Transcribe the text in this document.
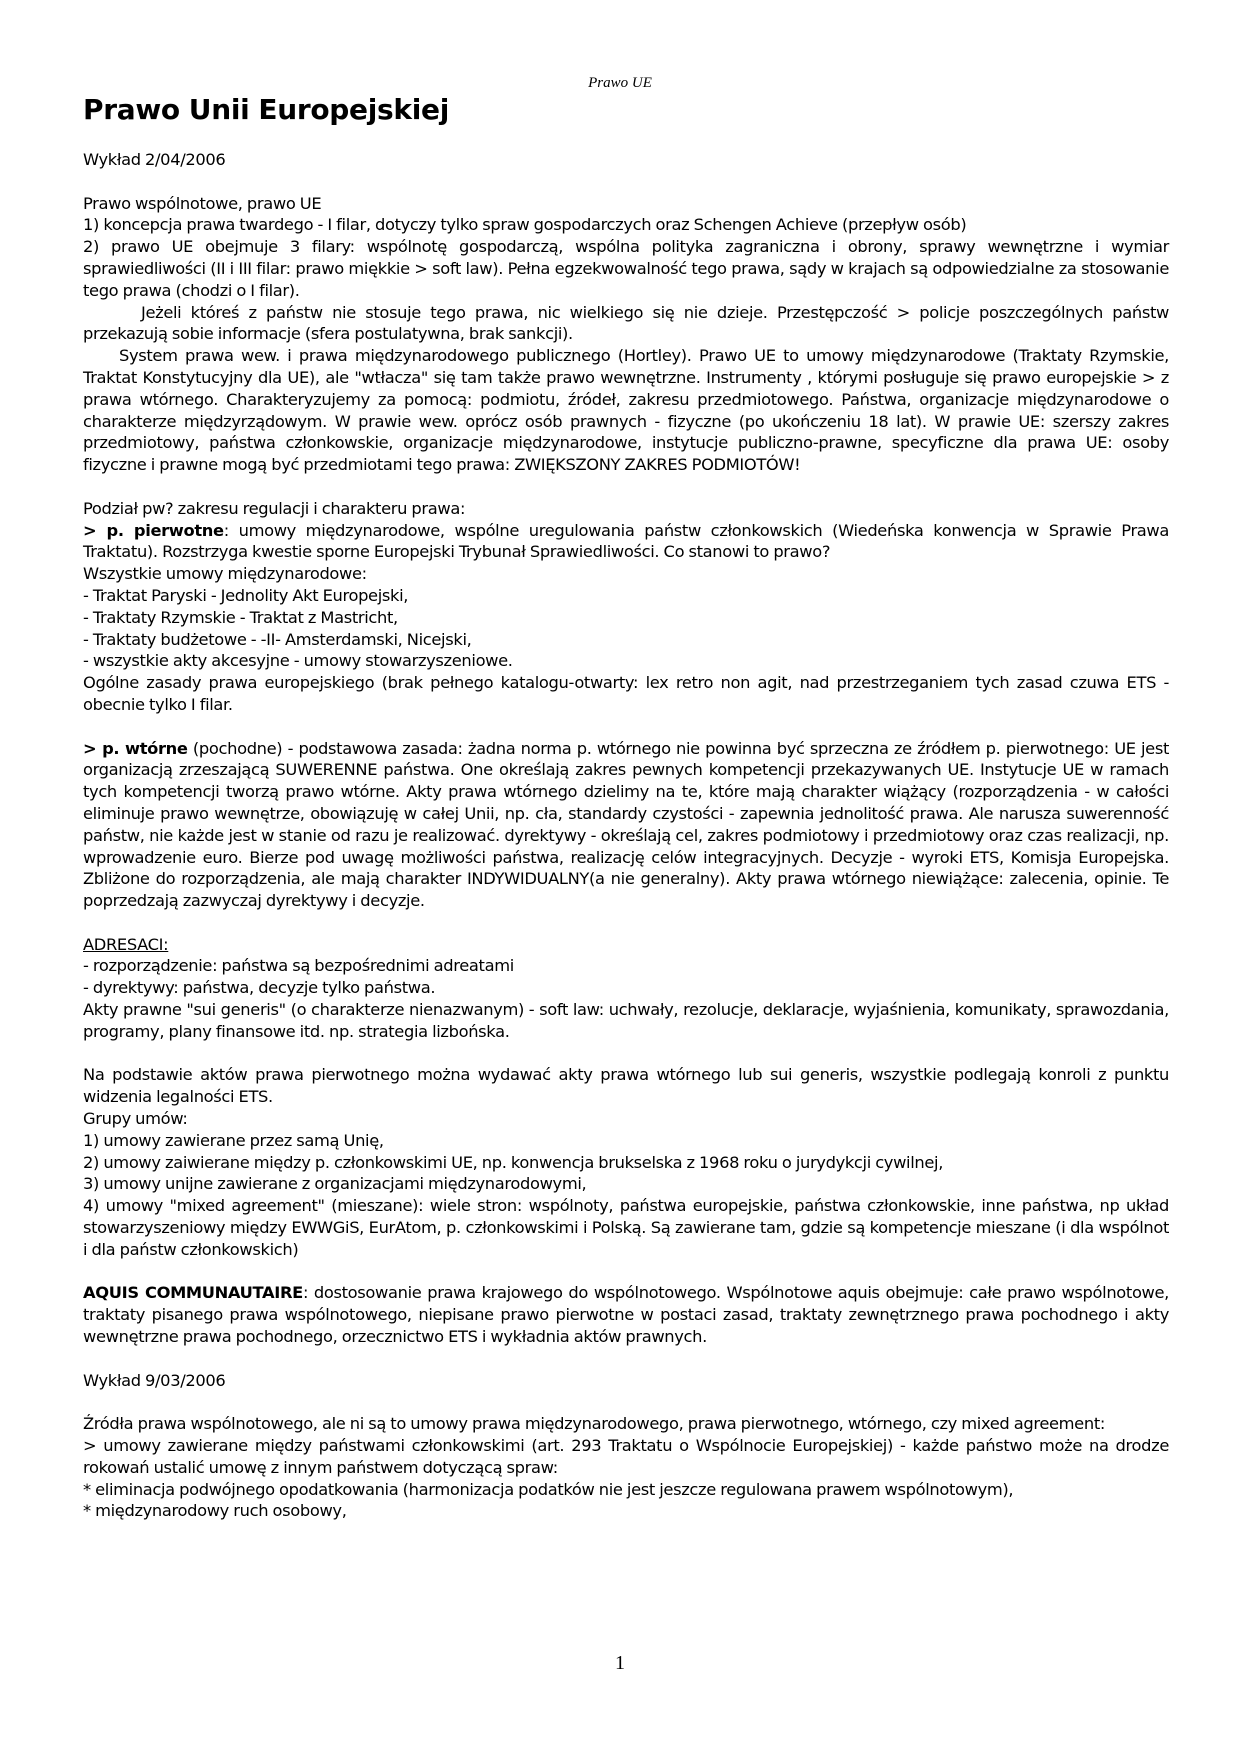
Prawo UE
Prawo Unii Europejskiej

Wykład 2/04/2006

Prawo wspólnotowe, prawo UE

1) koncepcja prawa twardego - I filar, dotyczy tylko spraw gospodarczych oraz Schengen Achieve (przepływ osób)

2) prawo UE obejmuje 3 filary: wspólnotę gospodarczą, wspólna polityka zagraniczna i obrony, sprawy wewnętrzne i wymiar sprawiedliwości (II i III filar: prawo miękkie > soft law). Pełna egzekwowalność tego prawa, sądy w krajach są odpowiedzialne za stosowanie tego prawa (chodzi o I filar).

Jeżeli któreś z państw nie stosuje tego prawa, nic wielkiego się nie dzieje. Przestępczość > policje poszczególnych państw przekazują sobie informacje (sfera postulatywna, brak sankcji).

System prawa wew. i prawa międzynarodowego publicznego (Hortley). Prawo UE to umowy międzynarodowe (Traktaty Rzymskie, Traktat Konstytucyjny dla UE), ale "wtłacza" się tam także prawo wewnętrzne. Instrumenty , którymi posługuje się prawo europejskie > z prawa wtórnego. Charakteryzujemy za pomocą: podmiotu, źródeł, zakresu przedmiotowego. Państwa, organizacje międzynarodowe o charakterze międzyrządowym. W prawie wew. oprócz osób prawnych - fizyczne (po ukończeniu 18 lat). W prawie UE: szerszy zakres przedmiotowy, państwa członkowskie, organizacje międzynarodowe, instytucje publiczno-prawne, specyficzne dla prawa UE: osoby fizyczne i prawne mogą być przedmiotami tego prawa: ZWIĘKSZONY ZAKRES PODMIOTÓW!

Podział pw? zakresu regulacji i charakteru prawa:

> p. pierwotne: umowy międzynarodowe, wspólne uregulowania państw członkowskich (Wiedeńska konwencja w Sprawie Prawa Traktatu). Rozstrzyga kwestie sporne Europejski Trybunał Sprawiedliwości. Co stanowi to prawo?

Wszystkie umowy międzynarodowe:

- Traktat Paryski - Jednolity Akt Europejski,

- Traktaty Rzymskie - Traktat z Mastricht,

- Traktaty budżetowe - -II- Amsterdamski, Nicejski,

- wszystkie akty akcesyjne - umowy stowarzyszeniowe.

Ogólne zasady prawa europejskiego (brak pełnego katalogu-otwarty: lex retro non agit, nad przestrzeganiem tych zasad czuwa ETS - obecnie tylko I filar.

> p. wtórne (pochodne) - podstawowa zasada: żadna norma p. wtórnego nie powinna być sprzeczna ze źródłem p. pierwotnego: UE jest organizacją zrzeszającą SUWERENNE państwa. One określają zakres pewnych kompetencji przekazywanych UE. Instytucje UE w ramach tych kompetencji tworzą prawo wtórne. Akty prawa wtórnego dzielimy na te, które mają charakter wiążący (rozporządzenia - w całości eliminuje prawo wewnętrze, obowiązuję w całej Unii, np. cła, standardy czystości - zapewnia jednolitość prawa. Ale narusza suwerenność państw, nie każde jest w stanie od razu je realizować. dyrektywy - określają cel, zakres podmiotowy i przedmiotowy oraz czas realizacji, np. wprowadzenie euro. Bierze pod uwagę możliwości państwa, realizację celów integracyjnych. Decyzje - wyroki ETS, Komisja Europejska. Zbliżone do rozporządzenia, ale mają charakter INDYWIDUALNY(a nie generalny). Akty prawa wtórnego niewiążące: zalecenia, opinie. Te poprzedzają zazwyczaj dyrektywy i decyzje.

ADRESACI:

- rozporządzenie: państwa są bezpośrednimi adreatami

- dyrektywy: państwa, decyzje tylko państwa.

Akty prawne "sui generis" (o charakterze nienazwanym) - soft law: uchwały, rezolucje, deklaracje, wyjaśnienia, komunikaty, sprawozdania, programy, plany finansowe itd. np. strategia lizbońska.

Na podstawie aktów prawa pierwotnego można wydawać akty prawa wtórnego lub sui generis, wszystkie podlegają konroli z punktu widzenia legalności ETS.

Grupy umów:

1) umowy zawierane przez samą Unię,

2) umowy zaiwierane między p. członkowskimi UE, np. konwencja brukselska z 1968 roku o jurydykcji cywilnej,

3) umowy unijne zawierane z organizacjami międzynarodowymi,

4) umowy "mixed agreement" (mieszane): wiele stron: wspólnoty, państwa europejskie, państwa członkowskie, inne państwa, np układ stowarzyszeniowy między EWWGiS, EurAtom, p. członkowskimi i Polską. Są zawierane tam, gdzie są kompetencje mieszane (i dla wspólnot i dla państw członkowskich)

AQUIS COMMUNAUTAIRE: dostosowanie prawa krajowego do wspólnotowego. Wspólnotowe aquis obejmuje: całe prawo wspólnotowe, traktaty pisanego prawa wspólnotowego, niepisane prawo pierwotne w postaci zasad, traktaty zewnętrznego prawa pochodnego i akty wewnętrzne prawa pochodnego, orzecznictwo ETS i wykładnia aktów prawnych.

Wykład 9/03/2006

Źródła prawa wspólnotowego, ale ni są to umowy prawa międzynarodowego, prawa pierwotnego, wtórnego, czy mixed agreement:

> umowy zawierane między państwami członkowskimi (art. 293 Traktatu o Wspólnocie Europejskiej) - każde państwo może na drodze rokowań ustalić umowę z innym państwem dotyczącą spraw:

* eliminacja podwójnego opodatkowania (harmonizacja podatków nie jest jeszcze regulowana prawem wspólnotowym),

* międzynarodowy ruch osobowy,

1
